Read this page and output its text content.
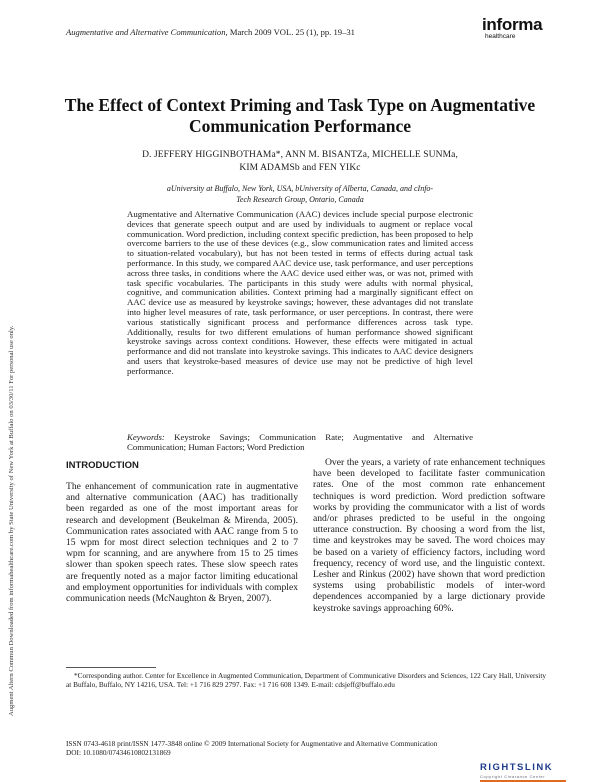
Augmentative and Alternative Communication, March 2009 VOL. 25 (1), pp. 19–31	informa
healthcare
Augment Altern Commun Downloaded from informahealthcare.com by State University of New York at Buffalo on 03/30/11 For personal use only.
The Effect of Context Priming and Task Type on Augmentative Communication Performance
D. JEFFERY HIGGINBOTHAMa*, ANN M. BISANTZa, MICHELLE SUNMa,
KIM ADAMSb and FEN YIKc
aUniversity at Buffalo, New York, USA, bUniversity of Alberta, Canada, and cInfo-Tech Research Group, Ontario, Canada
Augmentative and Alternative Communication (AAC) devices include special purpose electronic devices that generate speech output and are used by individuals to augment or replace vocal communication. Word prediction, including context specific prediction, has been proposed to help overcome barriers to the use of these devices (e.g., slow communication rates and limited access to situation-related vocabulary), but has not been tested in terms of effects during actual task performance. In this study, we compared AAC device use, task performance, and user perceptions across three tasks, in conditions where the AAC device used either was, or was not, primed with task specific vocabularies. The participants in this study were adults with normal physical, cognitive, and communication abilities. Context priming had a marginally significant effect on AAC device use as measured by keystroke savings; however, these advantages did not translate into higher level measures of rate, task performance, or user perceptions. In contrast, there were various statistically significant process and performance differences across task type. Additionally, results for two different emulations of human performance showed significant keystroke savings across context conditions. However, these effects were mitigated in actual performance and did not translate into keystroke savings. This indicates to AAC device designers and users that keystroke-based measures of device use may not be predictive of high level performance.
Keywords: Keystroke Savings; Communication Rate; Augmentative and Alternative Communication; Human Factors; Word Prediction
INTRODUCTION

The enhancement of communication rate in augmentative and alternative communication (AAC) has traditionally been regarded as one of the most important areas for research and development (Beukelman & Mirenda, 2005). Communication rates associated with AAC range from 5 to 15 wpm for most direct selection techniques and 2 to 7 wpm for scanning, and are anywhere from 15 to 25 times slower than spoken speech rates. These slow speech rates are frequently noted as a major factor limiting educational and employment opportunities for individuals with complex communication needs (McNaughton & Bryen, 2007).

Over the years, a variety of rate enhancement techniques have been developed to facilitate faster communication rates. One of the most common rate enhancement techniques is word prediction. Word prediction software works by providing the communicator with a list of words and/or phrases predicted to be useful in the ongoing utterance construction. By choosing a word from the list, time and keystrokes may be saved. The word choices may be based on a variety of efficiency factors, including word frequency, recency of word use, and the linguistic context. Lesher and Rinkus (2002) have shown that word prediction systems using probabilistic models of inter-word dependences accompanied by a large dictionary provide keystroke savings approaching 60%.

*Corresponding author. Center for Excellence in Augmented Communication, Department of Communicative Disorders and Sciences, 122 Cary Hall, University at Buffalo, Buffalo, NY 14216, USA. Tel: +1 716 829 2797. Fax: +1 716 608 1349. E-mail: cdsjeff@buffalo.edu
ISSN 0743-4618 print/ISSN 1477-3848 online © 2009 International Society for Augmentative and Alternative Communication
DOI: 10.1080/07434610802131869
RIGHTSLINK
Copyright Clearance Center
